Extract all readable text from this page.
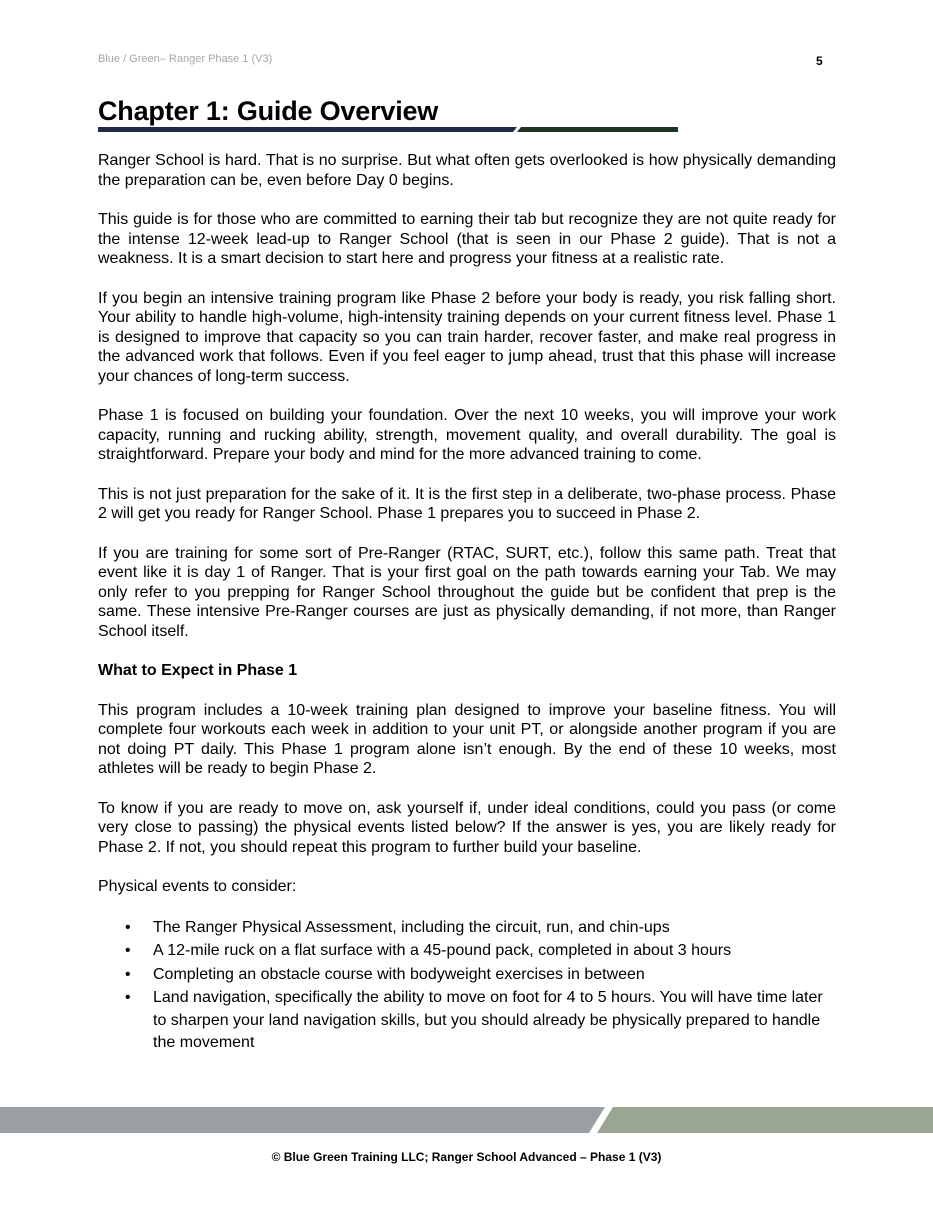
Blue / Green– Ranger Phase 1 (V3)	5
Chapter 1: Guide Overview

Ranger School is hard. That is no surprise. But what often gets overlooked is how physically demanding the preparation can be, even before Day 0 begins.

This guide is for those who are committed to earning their tab but recognize they are not quite ready for the intense 12-week lead-up to Ranger School (that is seen in our Phase 2 guide). That is not a weakness. It is a smart decision to start here and progress your fitness at a realistic rate.

If you begin an intensive training program like Phase 2 before your body is ready, you risk falling short. Your ability to handle high-volume, high-intensity training depends on your current fitness level. Phase 1 is designed to improve that capacity so you can train harder, recover faster, and make real progress in the advanced work that follows. Even if you feel eager to jump ahead, trust that this phase will increase your chances of long-term success.

Phase 1 is focused on building your foundation. Over the next 10 weeks, you will improve your work capacity, running and rucking ability, strength, movement quality, and overall durability. The goal is straightforward. Prepare your body and mind for the more advanced training to come.

This is not just preparation for the sake of it. It is the first step in a deliberate, two-phase process. Phase 2 will get you ready for Ranger School. Phase 1 prepares you to succeed in Phase 2.

If you are training for some sort of Pre-Ranger (RTAC, SURT, etc.), follow this same path. Treat that event like it is day 1 of Ranger. That is your first goal on the path towards earning your Tab. We may only refer to you prepping for Ranger School throughout the guide but be confident that prep is the same. These intensive Pre-Ranger courses are just as physically demanding, if not more, than Ranger School itself.

What to Expect in Phase 1

This program includes a 10-week training plan designed to improve your baseline fitness. You will complete four workouts each week in addition to your unit PT, or alongside another program if you are not doing PT daily. This Phase 1 program alone isn’t enough. By the end of these 10 weeks, most athletes will be ready to begin Phase 2.

To know if you are ready to move on, ask yourself if, under ideal conditions, could you pass (or come very close to passing) the physical events listed below? If the answer is yes, you are likely ready for Phase 2. If not, you should repeat this program to further build your baseline.

Physical events to consider:

• The Ranger Physical Assessment, including the circuit, run, and chin-ups
• A 12-mile ruck on a flat surface with a 45-pound pack, completed in about 3 hours
• Completing an obstacle course with bodyweight exercises in between
• Land navigation, specifically the ability to move on foot for 4 to 5 hours. You will have time later to sharpen your land navigation skills, but you should already be physically prepared to handle the movement
© Blue Green Training LLC; Ranger School Advanced – Phase 1 (V3)
